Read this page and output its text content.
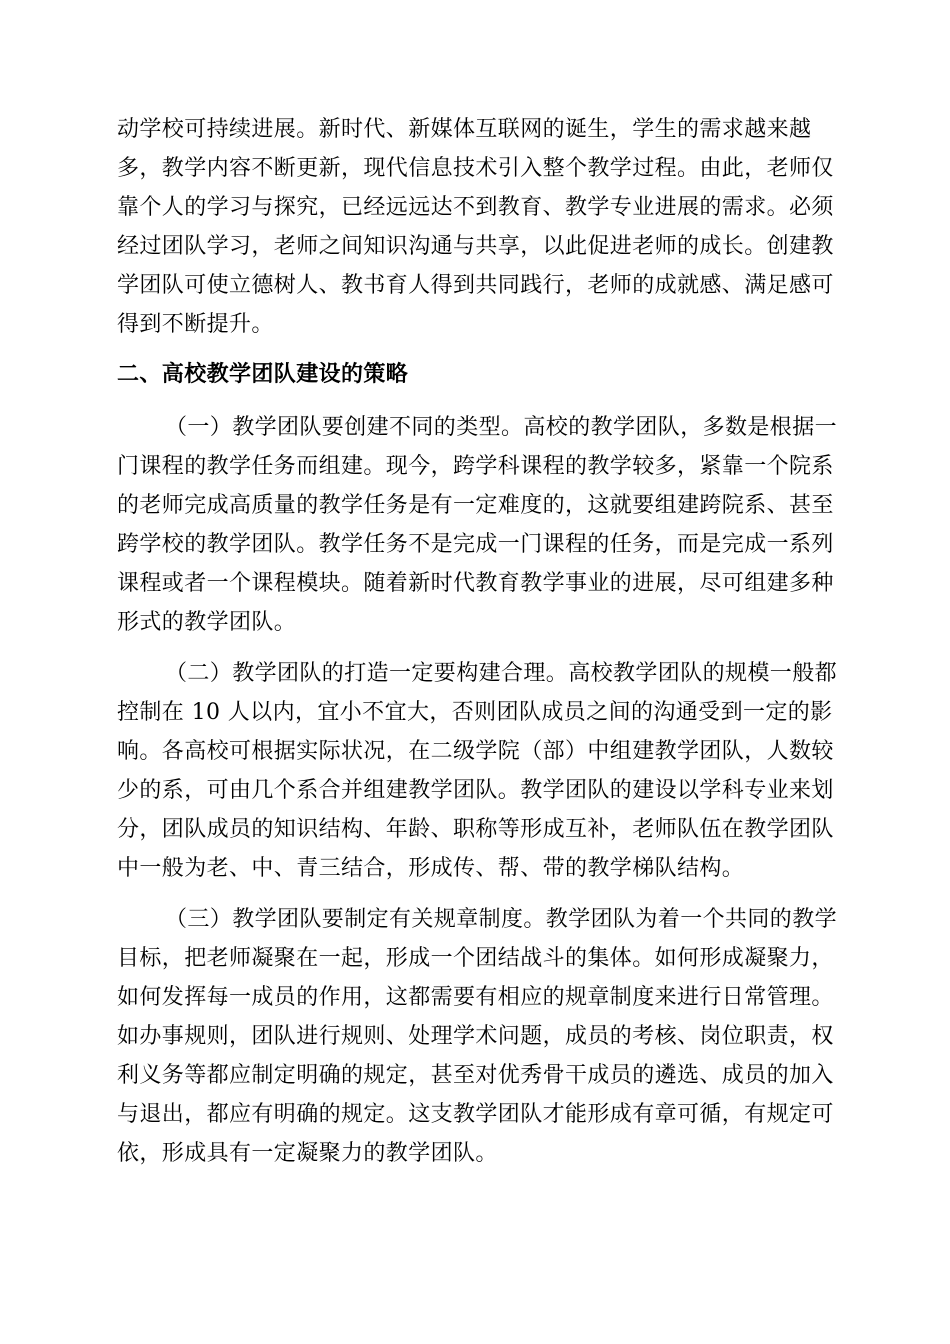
动学校可持续进展。新时代、新媒体互联网的诞生，学生的需求越来越
多，教学内容不断更新，现代信息技术引入整个教学过程。由此，老师仅
靠个人的学习与探究，已经远远达不到教育、教学专业进展的需求。必须
经过团队学习，老师之间知识沟通与共享，以此促进老师的成长。创建教
学团队可使立德树人、教书育人得到共同践行，老师的成就感、满足感可
得到不断提升。
二、高校教学团队建设的策略
（一）教学团队要创建不同的类型。高校的教学团队，多数是根据一
门课程的教学任务而组建。现今，跨学科课程的教学较多，紧靠一个院系
的老师完成高质量的教学任务是有一定难度的，这就要组建跨院系、甚至
跨学校的教学团队。教学任务不是完成一门课程的任务，而是完成一系列
课程或者一个课程模块。随着新时代教育教学事业的进展，尽可组建多种
形式的教学团队。
（二）教学团队的打造一定要构建合理。高校教学团队的规模一般都
控制在 10 人以内，宜小不宜大，否则团队成员之间的沟通受到一定的影
响。各高校可根据实际状况，在二级学院（部）中组建教学团队，人数较
少的系，可由几个系合并组建教学团队。教学团队的建设以学科专业来划
分，团队成员的知识结构、年龄、职称等形成互补，老师队伍在教学团队
中一般为老、中、青三结合，形成传、帮、带的教学梯队结构。
（三）教学团队要制定有关规章制度。教学团队为着一个共同的教学
目标，把老师凝聚在一起，形成一个团结战斗的集体。如何形成凝聚力，
如何发挥每一成员的作用，这都需要有相应的规章制度来进行日常管理。
如办事规则，团队进行规则、处理学术问题，成员的考核、岗位职责，权
利义务等都应制定明确的规定，甚至对优秀骨干成员的遴选、成员的加入
与退出，都应有明确的规定。这支教学团队才能形成有章可循，有规定可
依，形成具有一定凝聚力的教学团队。
